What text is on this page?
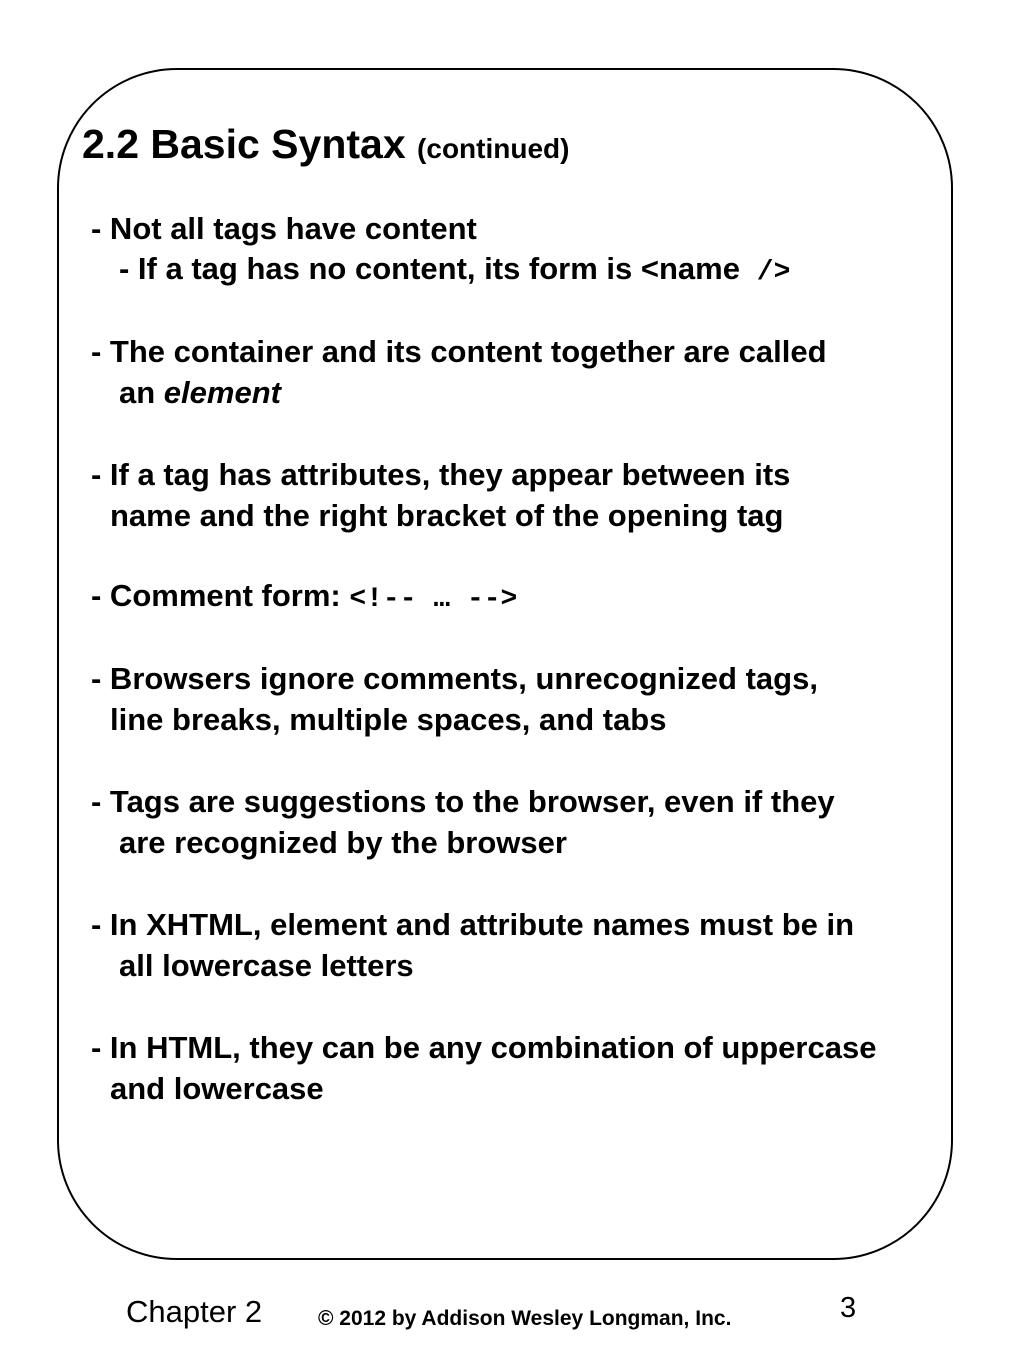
2.2 Basic Syntax (continued)
- Not all tags have content
- If a tag has no content, its form is <name />
- The container and its content together are called
an element
- If a tag has attributes, they appear between its
name and the right bracket of the opening tag
- Comment form: <!-- … -->
- Browsers ignore comments, unrecognized tags,
line breaks, multiple spaces, and tabs
- Tags are suggestions to the browser, even if they
are recognized by the browser
- In XHTML, element and attribute names must be in
all lowercase letters
- In HTML, they can be any combination of uppercase
and lowercase
Chapter 2	© 2012 by Addison Wesley Longman, Inc.	3
